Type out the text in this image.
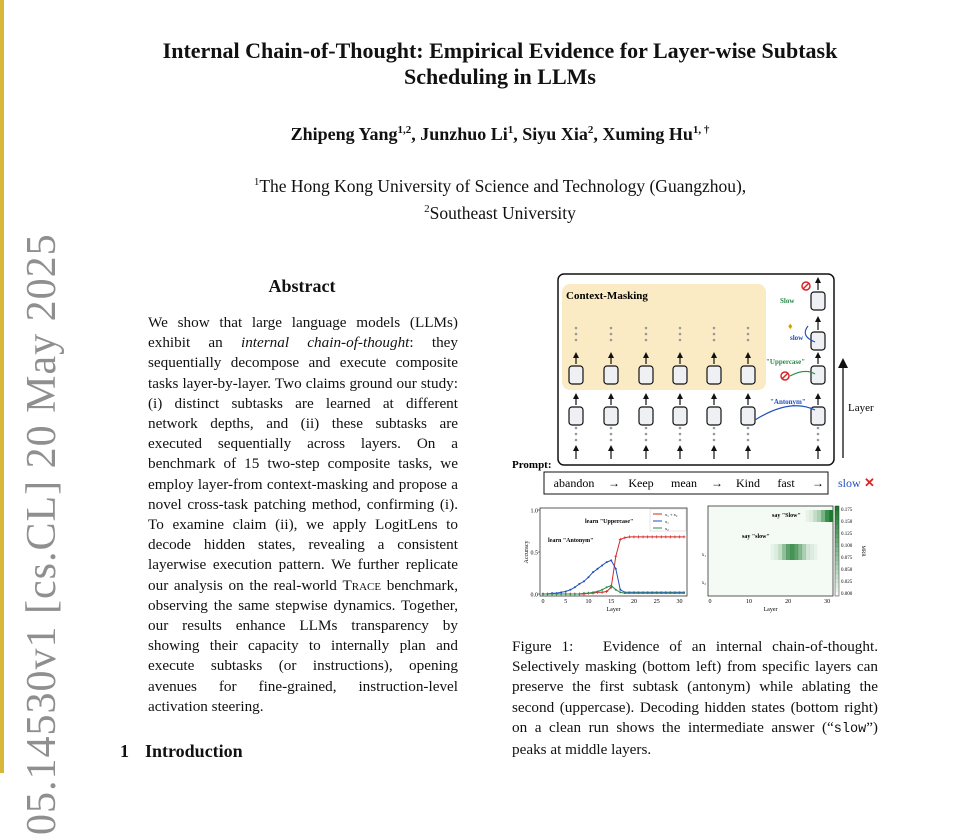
05.14530v1 [cs.CL] 20 May 2025
Internal Chain-of-Thought: Empirical Evidence for Layer-wise Subtask
Scheduling in LLMs
Zhipeng Yang$^{1,2}$, Junzhuo Li$^1$, Siyu Xia$^2$, Xuming $Hu^{1, \dagger}$
$^1$The Hong Kong University of Science and Technology (Guangzhou),
$^2$Southeast University
Abstract
We show that large language models (LLMs) exhibit an internal chain-of-thought: they sequentially decompose and execute composite tasks layer-by-layer. Two claims ground our study: (i) distinct subtasks are learned at different network depths, and (ii) these subtasks are executed sequentially across layers. On a benchmark of 15 two-step composite tasks, we employ layer-from context-masking and propose a novel cross-task patching method, confirming (i). To examine claim (ii), we apply LogitLens to decode hidden states, revealing a consistent layerwise execution pattern. We further replicate our analysis on the real-world Trace benchmark, observing the same stepwise dynamics. Together, our results enhance LLMs transparency by showing their capacity to internally plan and execute subtasks (or instructions), opening avenues for fine-grained, instruction-level activation steering.
1 Introduction
Context-Masking
Layer
Slow
♦
slow
"Uppercase"
"Antonym"
Prompt:
abandon → Keep mean → Kind fast → slow ✕
1.0
0.5
0.0
0	5	10	15	20	25	30
Layer
Accuracy
learn "Uppercase"
learn "Antonym"
x₁ + x₂
x₁
x₂
0	10	20	30
Layer
x₁
x₂
say "Slow"
say "slow"
0.175
0.150
0.125
0.100
0.075
0.050
0.025
0.000
MRR
Figure 1:   Evidence of an internal chain-of-thought. Selectively masking (bottom left) from specific layers can preserve the first subtask (antonym) while ablating the second (uppercase). Decoding hidden states (bottom right) on a clean run shows the intermediate answer (“slow”) peaks at middle layers.
